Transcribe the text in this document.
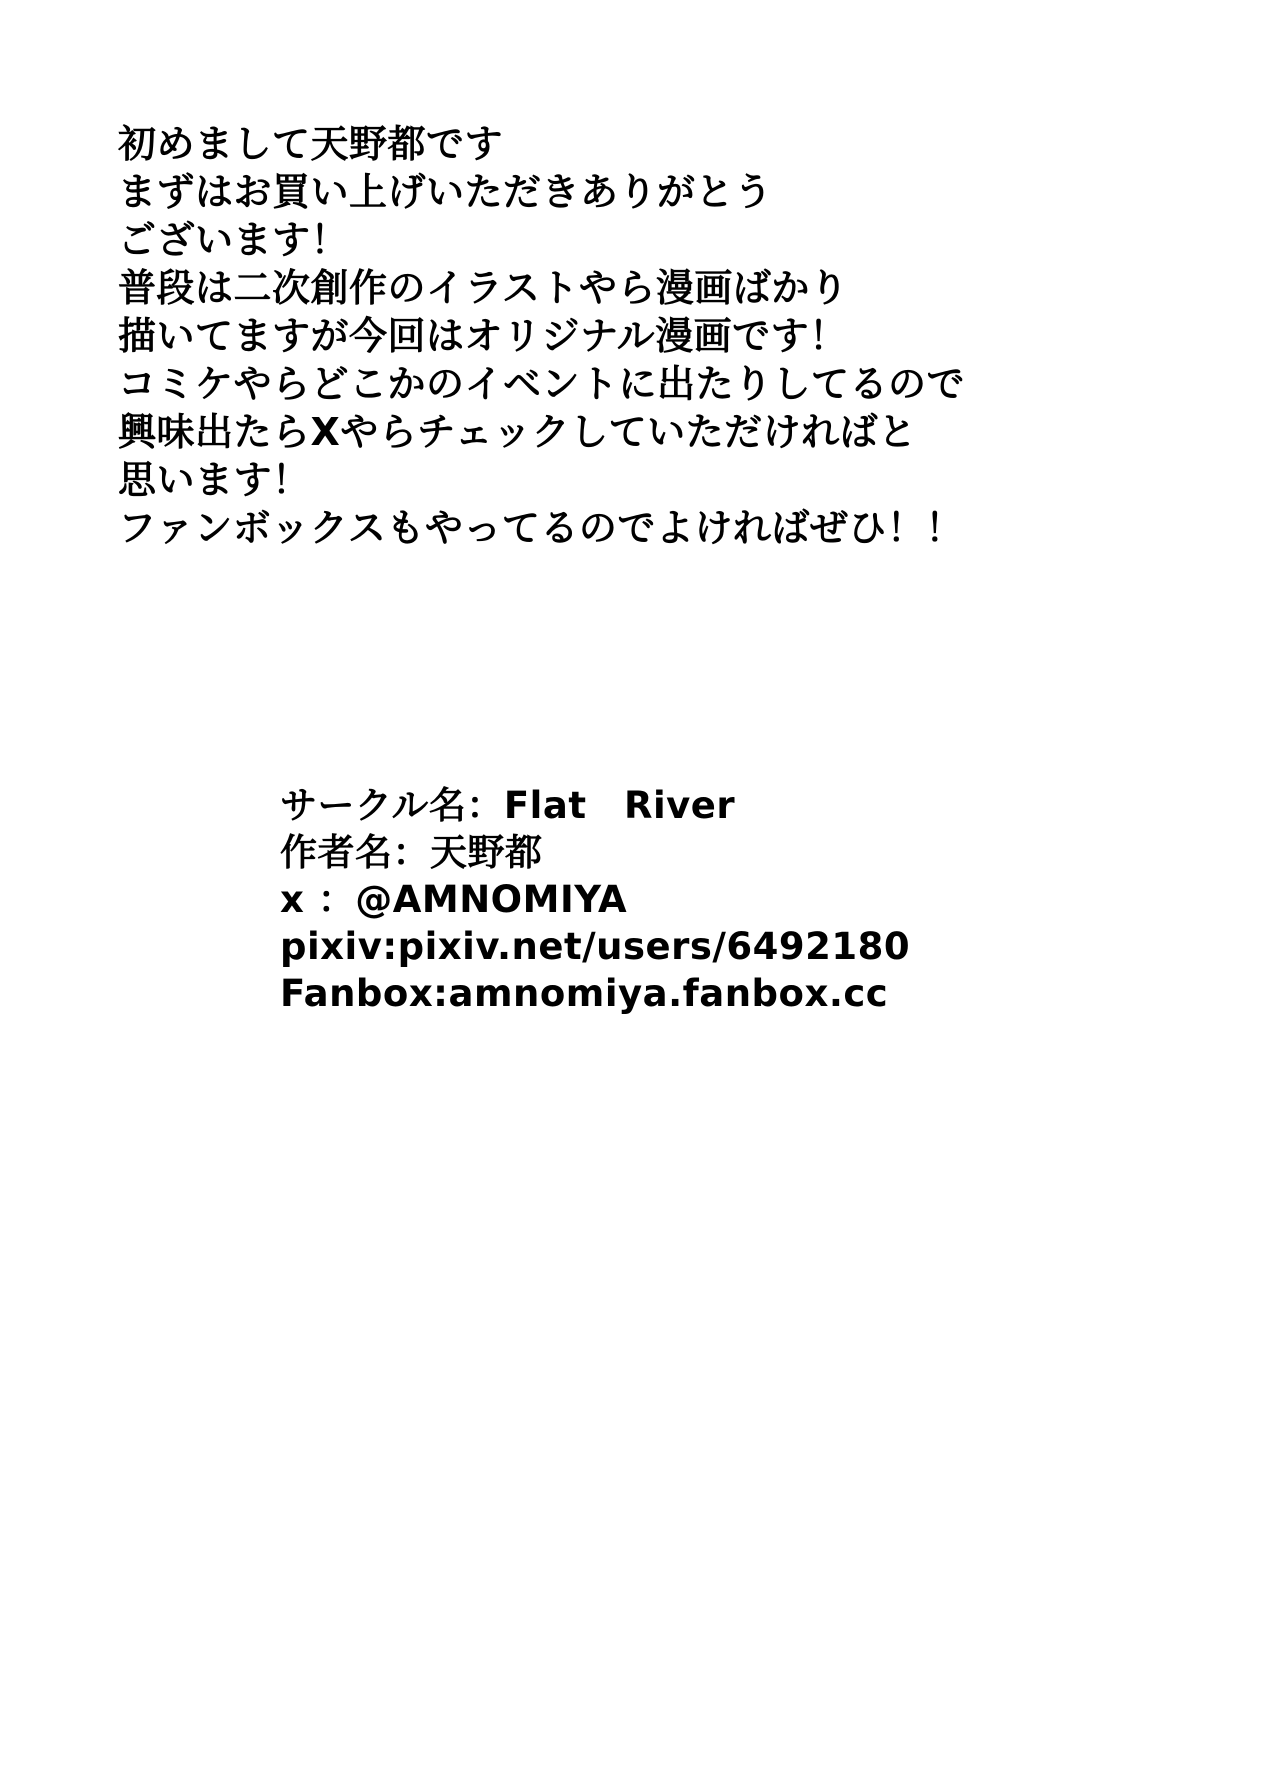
初めまして天野都です
まずはお買い上げいただきありがとう
ございます！
普段は二次創作のイラストやら漫画ばかり
描いてますが今回はオリジナル漫画です！
コミケやらどこかのイベントに出たりしてるので
興味出たらXやらチェックしていただければと
思います！
ファンボックスもやってるのでよければぜひ！！
サークル名：Flat　River
作者名：天野都
x ：@AMNOMIYA
pixiv:pixiv.net/users/6492180
Fanbox:amnomiya.fanbox.cc
